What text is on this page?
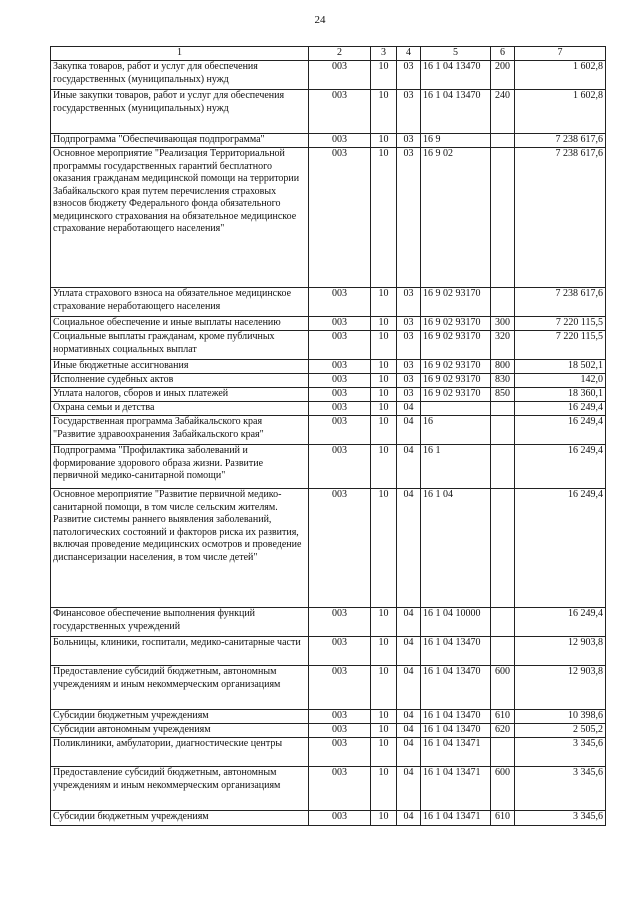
24
1	2	3	4	5	6	7
Закупка товаров, работ и услуг для обеспечения государственных (муниципальных) нужд	003	10	03	16 1 04 13470	200	1 602,8
Иные закупки товаров, работ и услуг для обеспечения государственных (муниципальных) нужд	003	10	03	16 1 04 13470	240	1 602,8
Подпрограмма "Обеспечивающая подпрограмма"	003	10	03	16 9		7 238 617,6
Основное мероприятие "Реализация Территориальной программы государственных гарантий бесплатного оказания гражданам медицинской помощи на территории Забайкальского края путем перечисления страховых взносов бюджету Федерального фонда обязательного медицинского страхования на обязательное медицинское страхование неработающего населения"	003	10	03	16 9 02		7 238 617,6
Уплата страхового взноса на обязательное медицинское страхование неработающего населения	003	10	03	16 9 02 93170		7 238 617,6
Социальное обеспечение и иные выплаты населению	003	10	03	16 9 02 93170	300	7 220 115,5
Социальные выплаты гражданам, кроме публичных нормативных социальных выплат	003	10	03	16 9 02 93170	320	7 220 115,5
Иные бюджетные ассигнования	003	10	03	16 9 02 93170	800	18 502,1
Исполнение судебных актов	003	10	03	16 9 02 93170	830	142,0
Уплата налогов, сборов и иных платежей	003	10	03	16 9 02 93170	850	18 360,1
Охрана семьи и детства	003	10	04			16 249,4
Государственная программа Забайкальского края "Развитие здравоохранения Забайкальского края"	003	10	04	16		16 249,4
Подпрограмма "Профилактика заболеваний и формирование здорового образа жизни. Развитие первичной медико-санитарной помощи"	003	10	04	16 1		16 249,4
Основное мероприятие "Развитие первичной медико-санитарной помощи, в том числе сельским жителям. Развитие системы раннего выявления заболеваний, патологических состояний и факторов риска их развития, включая проведение медицинских осмотров и проведение диспансеризации населения, в том числе детей"	003	10	04	16 1 04		16 249,4
Финансовое обеспечение выполнения функций государственных учреждений	003	10	04	16 1 04 10000		16 249,4
Больницы, клиники, госпитали, медико-санитарные части	003	10	04	16 1 04 13470		12 903,8
Предоставление субсидий бюджетным, автономным учреждениям и иным некоммерческим организациям	003	10	04	16 1 04 13470	600	12 903,8
Субсидии бюджетным учреждениям	003	10	04	16 1 04 13470	610	10 398,6
Субсидии автономным учреждениям	003	10	04	16 1 04 13470	620	2 505,2
Поликлиники, амбулатории, диагностические центры	003	10	04	16 1 04 13471		3 345,6
Предоставление субсидий бюджетным, автономным учреждениям и иным некоммерческим организациям	003	10	04	16 1 04 13471	600	3 345,6
Субсидии бюджетным учреждениям	003	10	04	16 1 04 13471	610	3 345,6
